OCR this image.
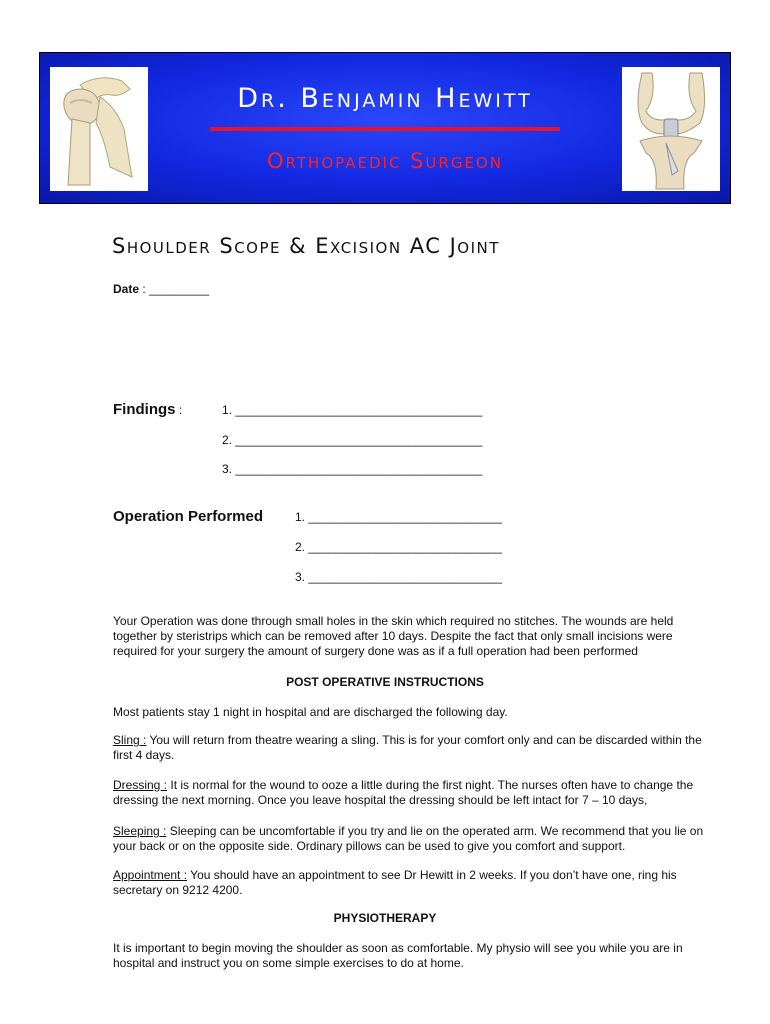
Dr. Benjamin Hewitt
Orthopaedic Surgeon
Shoulder Scope & Excision AC Joint
Date : _________
Findings :	1. _____________________________________
2. _____________________________________
3. _____________________________________
Operation Performed	1. _____________________________
2. _____________________________
3. _____________________________

Your Operation was done through small holes in the skin which required no stitches. The wounds are held together by steristrips which can be removed after 10 days. Despite the fact that only small incisions were required for your surgery the amount of surgery done was as if a full operation had been performed

POST OPERATIVE INSTRUCTIONS

Most patients stay 1 night in hospital and are discharged the following day.

Sling : You will return from theatre wearing a sling. This is for your comfort only and can be discarded within the first 4 days.

Dressing : It is normal for the wound to ooze a little during the first night. The nurses often have to change the dressing the next morning. Once you leave hospital the dressing should be left intact for 7 – 10 days,

Sleeping : Sleeping can be uncomfortable if you try and lie on the operated arm. We recommend that you lie on your back or on the opposite side. Ordinary pillows can be used to give you comfort and support.

Appointment : You should have an appointment to see Dr Hewitt in 2 weeks. If you don’t have one, ring his secretary on 9212 4200.

PHYSIOTHERAPY

It is important to begin moving the shoulder as soon as comfortable. My physio will see you while you are in hospital and instruct you on some simple exercises to do at home.
